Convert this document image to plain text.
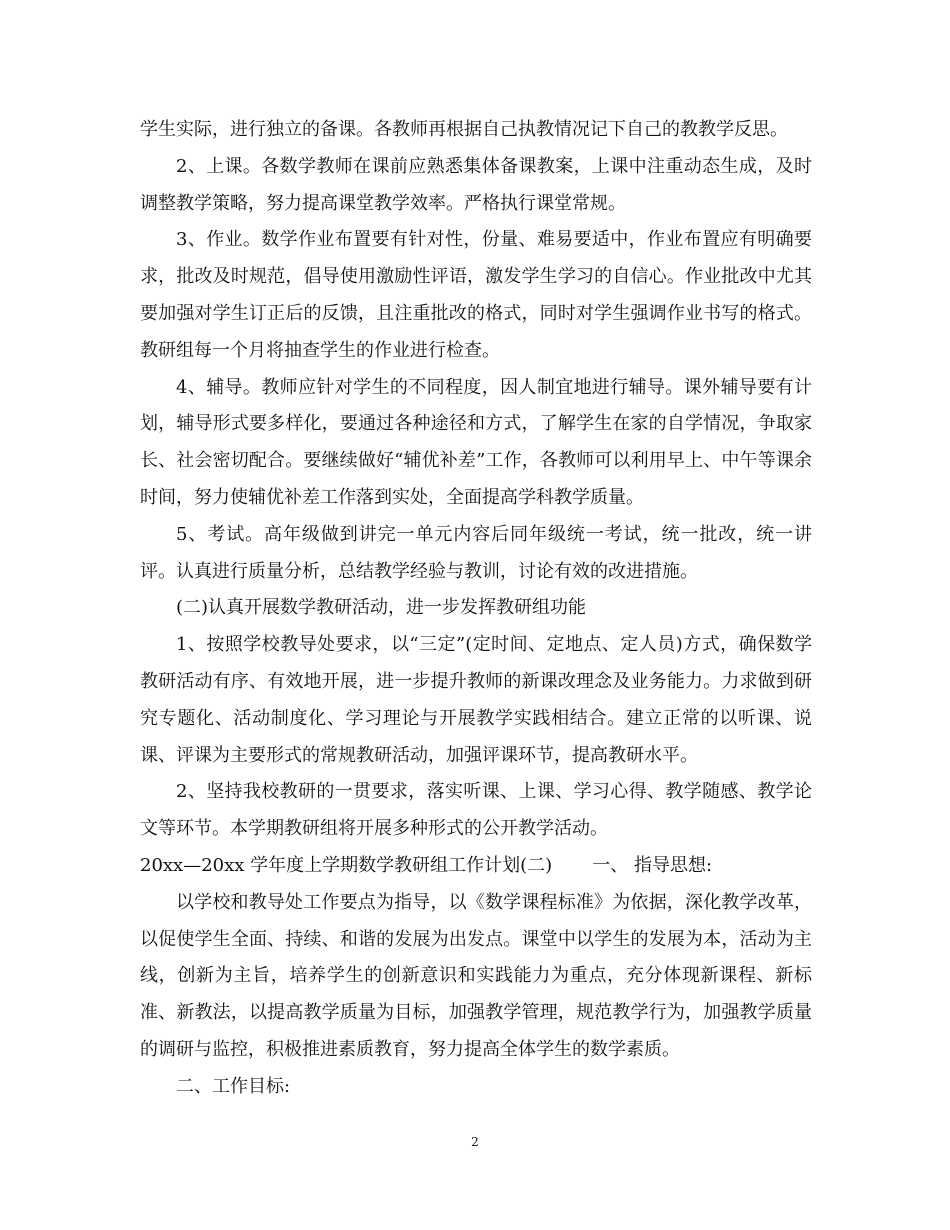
学生实际，进行独立的备课。各教师再根据自己执教情况记下自己的教教学反思。

2、上课。各数学教师在课前应熟悉集体备课教案，上课中注重动态生成，及时调整教学策略，努力提高课堂教学效率。严格执行课堂常规。

3、作业。数学作业布置要有针对性，份量、难易要适中，作业布置应有明确要求，批改及时规范，倡导使用激励性评语，激发学生学习的自信心。作业批改中尤其要加强对学生订正后的反馈，且注重批改的格式，同时对学生强调作业书写的格式。教研组每一个月将抽查学生的作业进行检查。

4、辅导。教师应针对学生的不同程度，因人制宜地进行辅导。课外辅导要有计划，辅导形式要多样化，要通过各种途径和方式，了解学生在家的自学情况，争取家长、社会密切配合。要继续做好“辅优补差”工作，各教师可以利用早上、中午等课余时间，努力使辅优补差工作落到实处，全面提高学科教学质量。

5、考试。高年级做到讲完一单元内容后同年级统一考试，统一批改，统一讲评。认真进行质量分析，总结教学经验与教训，讨论有效的改进措施。

(二)认真开展数学教研活动，进一步发挥教研组功能

1、按照学校教导处要求，以“三定”(定时间、定地点、定人员)方式，确保数学教研活动有序、有效地开展，进一步提升教师的新课改理念及业务能力。力求做到研究专题化、活动制度化、学习理论与开展教学实践相结合。建立正常的以听课、说课、评课为主要形式的常规教研活动，加强评课环节，提高教研水平。

2、坚持我校教研的一贯要求，落实听课、上课、学习心得、教学随感、教学论文等环节。本学期教研组将开展多种形式的公开教学活动。

20xx—20xx 学年度上学期数学教研组工作计划(二)       一、 指导思想:

以学校和教导处工作要点为指导，以《数学课程标准》为依据，深化教学改革，以促使学生全面、持续、和谐的发展为出发点。课堂中以学生的发展为本，活动为主线，创新为主旨，培养学生的创新意识和实践能力为重点，充分体现新课程、新标准、新教法，以提高教学质量为目标，加强教学管理，规范教学行为，加强教学质量的调研与监控，积极推进素质教育，努力提高全体学生的数学素质。

二、工作目标:

2
